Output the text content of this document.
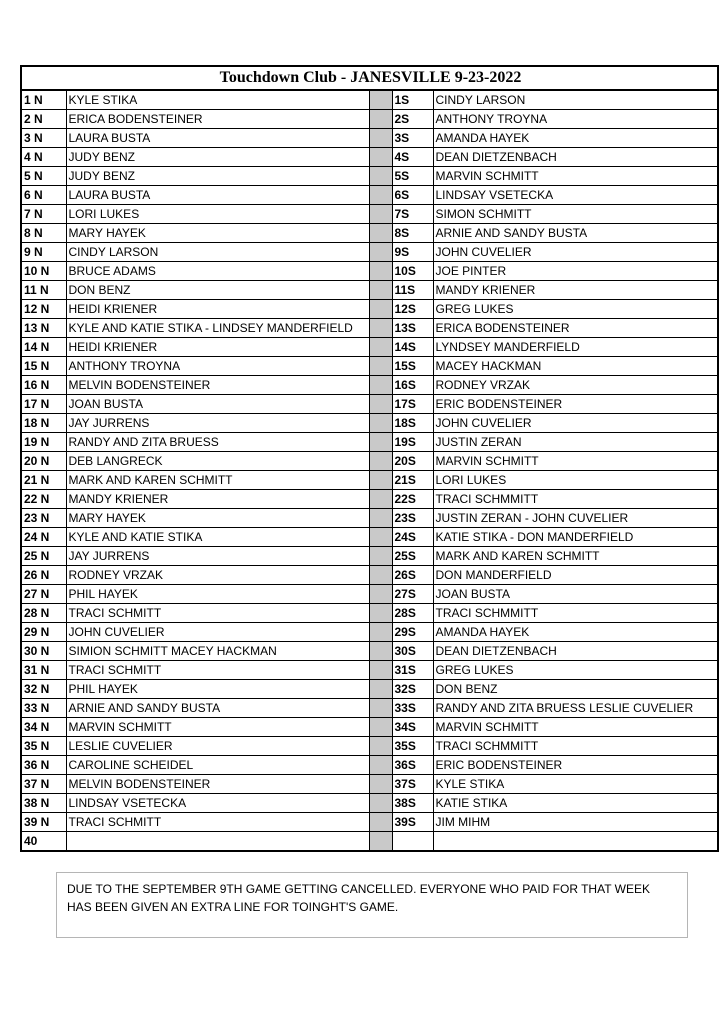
Touchdown Club - JANESVILLE 9-23-2022				
1 N	KYLE STIKA		1S	CINDY LARSON
2 N	ERICA BODENSTEINER		2S	ANTHONY TROYNA
3 N	LAURA BUSTA		3S	AMANDA HAYEK
4 N	JUDY BENZ		4S	DEAN DIETZENBACH
5 N	JUDY BENZ		5S	MARVIN SCHMITT
6 N	LAURA BUSTA		6S	LINDSAY VSETECKA
7 N	LORI LUKES		7S	SIMON SCHMITT
8 N	MARY HAYEK		8S	ARNIE AND SANDY BUSTA
9 N	CINDY LARSON		9S	JOHN CUVELIER
10 N	BRUCE ADAMS		10S	JOE PINTER
11 N	DON BENZ		11S	MANDY KRIENER
12 N	HEIDI KRIENER		12S	GREG LUKES
13 N	KYLE AND KATIE STIKA - LINDSEY MANDERFIELD		13S	ERICA BODENSTEINER
14 N	HEIDI KRIENER		14S	LYNDSEY MANDERFIELD
15 N	ANTHONY TROYNA		15S	MACEY HACKMAN
16 N	MELVIN BODENSTEINER		16S	RODNEY VRZAK
17 N	JOAN BUSTA		17S	ERIC BODENSTEINER
18 N	JAY JURRENS		18S	JOHN CUVELIER
19 N	RANDY AND ZITA BRUESS		19S	JUSTIN ZERAN
20 N	DEB LANGRECK		20S	MARVIN SCHMITT
21 N	MARK AND KAREN SCHMITT		21S	LORI LUKES
22 N	MANDY KRIENER		22S	TRACI SCHMMITT
23 N	MARY HAYEK		23S	JUSTIN ZERAN - JOHN CUVELIER
24 N	KYLE AND KATIE STIKA		24S	KATIE STIKA - DON MANDERFIELD
25 N	JAY JURRENS		25S	MARK AND KAREN SCHMITT
26 N	RODNEY VRZAK		26S	DON MANDERFIELD
27 N	PHIL HAYEK		27S	JOAN BUSTA
28 N	TRACI SCHMITT		28S	TRACI SCHMMITT
29 N	JOHN CUVELIER		29S	AMANDA HAYEK
30 N	SIMION SCHMITT MACEY HACKMAN		30S	DEAN DIETZENBACH
31 N	TRACI SCHMITT		31S	GREG LUKES
32 N	PHIL HAYEK		32S	DON BENZ
33 N	ARNIE AND SANDY BUSTA		33S	RANDY AND ZITA BRUESS LESLIE CUVELIER
34 N	MARVIN SCHMITT		34S	MARVIN SCHMITT
35 N	LESLIE CUVELIER		35S	TRACI SCHMMITT
36 N	CAROLINE SCHEIDEL		36S	ERIC BODENSTEINER
37 N	MELVIN BODENSTEINER		37S	KYLE STIKA
38 N	LINDSAY VSETECKA		38S	KATIE STIKA
39 N	TRACI SCHMITT		39S	JIM MIHM
40				
DUE TO THE SEPTEMBER 9TH GAME GETTING CANCELLED. EVERYONE WHO PAID FOR THAT WEEK HAS BEEN GIVEN AN EXTRA LINE FOR TOINGHT'S GAME.
